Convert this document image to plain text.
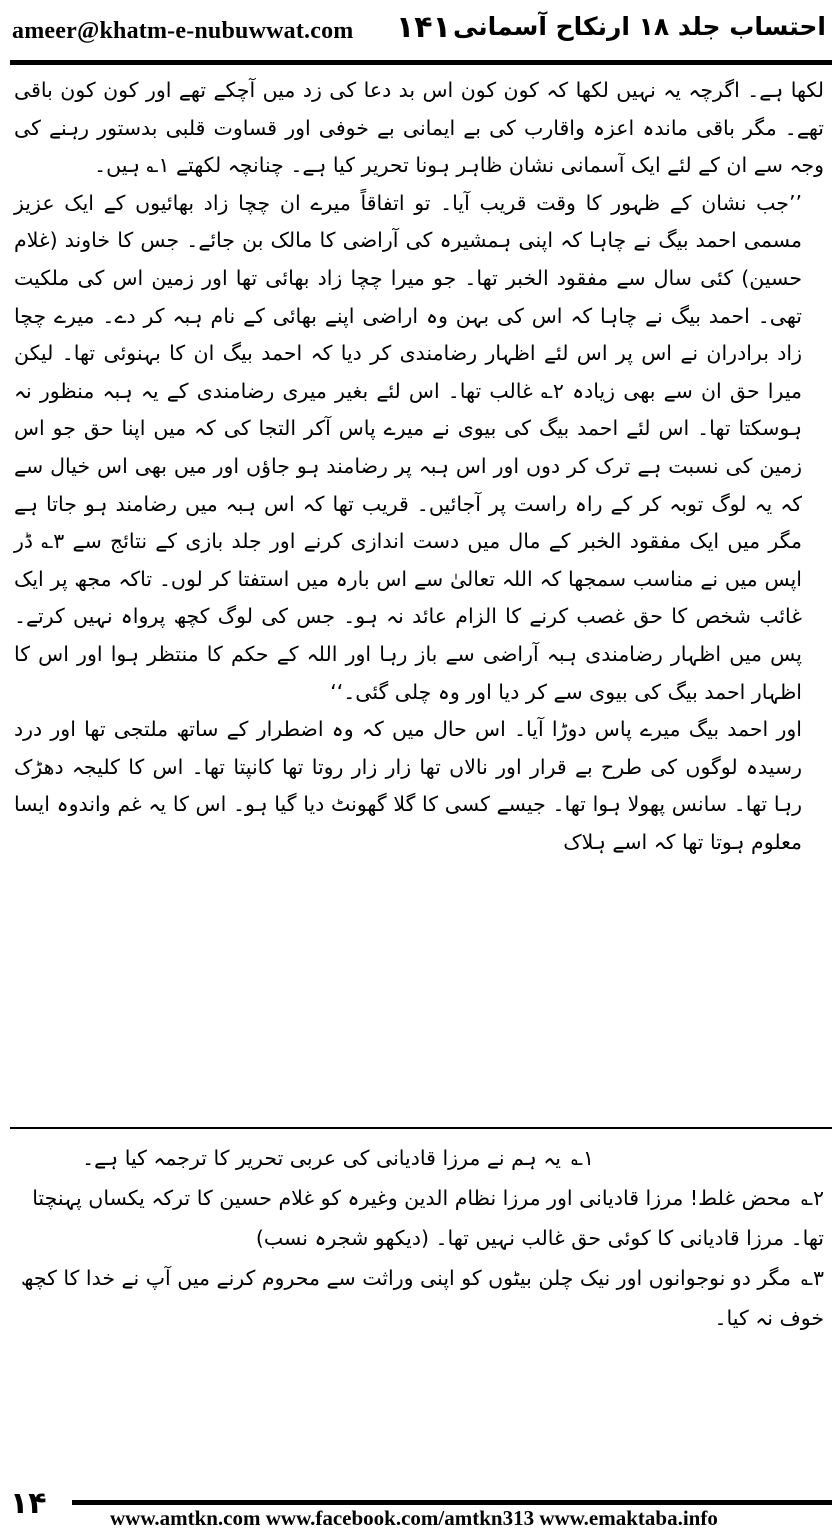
ameer@khatm-e-nubuwwat.com ۱۴۱ احتساب جلد ۱۸ ارنکاح آسمانی

لکھا ہے۔ اگرچہ یہ نہیں لکھا کہ کون کون اس بد دعا کی زد میں آچکے تھے اور کون کون باقی تھے۔ مگر باقی ماندہ اعزہ واقارب کی بے ایمانی بے خوفی اور قساوت قلبی بدستور رہنے کی وجہ سے ان کے لئے ایک آسمانی نشان ظاہر ہونا تحریر کیا ہے۔ چنانچہ لکھتے ۱؎ ہیں۔

’’جب نشان کے ظہور کا وقت قریب آیا۔ تو اتفاقاً میرے ان چچا زاد بھائیوں کے ایک عزیز مسمی احمد بیگ نے چاہا کہ اپنی ہمشیرہ کی آراضی کا مالک بن جائے۔ جس کا خاوند (غلام حسین) کئی سال سے مفقود الخبر تھا۔ جو میرا چچا زاد بھائی تھا اور زمین اس کی ملکیت تھی۔ احمد بیگ نے چاہا کہ اس کی بہن وہ اراضی اپنے بھائی کے نام ہبہ کر دے۔ میرے چچا زاد برادران نے اس پر اس لئے اظہار رضامندی کر دیا کہ احمد بیگ ان کا بہنوئی تھا۔ لیکن میرا حق ان سے بھی زیادہ ۲؎ غالب تھا۔ اس لئے بغیر میری رضامندی کے یہ ہبہ منظور نہ ہوسکتا تھا۔ اس لئے احمد بیگ کی بیوی نے میرے پاس آکر التجا کی کہ میں اپنا حق جو اس زمین کی نسبت ہے ترک کر دوں اور اس ہبہ پر رضامند ہو جاؤں اور میں بھی اس خیال سے کہ یہ لوگ توبہ کر کے راہ راست پر آجائیں۔ قریب تھا کہ اس ہبہ میں رضامند ہو جاتا ہے مگر میں ایک مفقود الخبر کے مال میں دست اندازی کرنے اور جلد بازی کے نتائج سے ۳؎ ڈر اپس میں نے مناسب سمجھا کہ اللہ تعالیٰ سے اس بارہ میں استفتا کر لوں۔ تاکہ مجھ پر ایک غائب شخص کا حق غصب کرنے کا الزام عائد نہ ہو۔ جس کی لوگ کچھ پرواہ نہیں کرتے۔ پس میں اظہار رضامندی ہبہ آراضی سے باز رہا اور اللہ کے حکم کا منتظر ہوا اور اس کا اظہار احمد بیگ کی بیوی سے کر دیا اور وہ چلی گئی۔‘‘

اور احمد بیگ میرے پاس دوڑا آیا۔ اس حال میں کہ وہ اضطرار کے ساتھ ملتجی تھا اور درد رسیدہ لوگوں کی طرح بے قرار اور نالاں تھا زار زار روتا تھا کانپتا تھا۔ اس کا کلیجہ دھڑک رہا تھا۔ سانس پھولا ہوا تھا۔ جیسے کسی کا گلا گھونٹ دیا گیا ہو۔ اس کا یہ غم واندوہ ایسا معلوم ہوتا تھا کہ اسے ہلاک

۱؎یہ ہم نے مرزا قادیانی کی عربی تحریر کا ترجمہ کیا ہے۔

۲؎محض غلط! مرزا قادیانی اور مرزا نظام الدین وغیرہ کو غلام حسین کا ترکہ یکساں پہنچتا تھا۔ مرزا قادیانی کا کوئی حق غالب نہیں تھا۔ (دیکھو شجرہ نسب)

۳؎مگر دو نوجوانوں اور نیک چلن بیٹوں کو اپنی وراثت سے محروم کرنے میں آپ نے خدا کا کچھ خوف نہ کیا۔

۱۴	www.amtkn.com www.facebook.com/amtkn313 www.emaktaba.info
